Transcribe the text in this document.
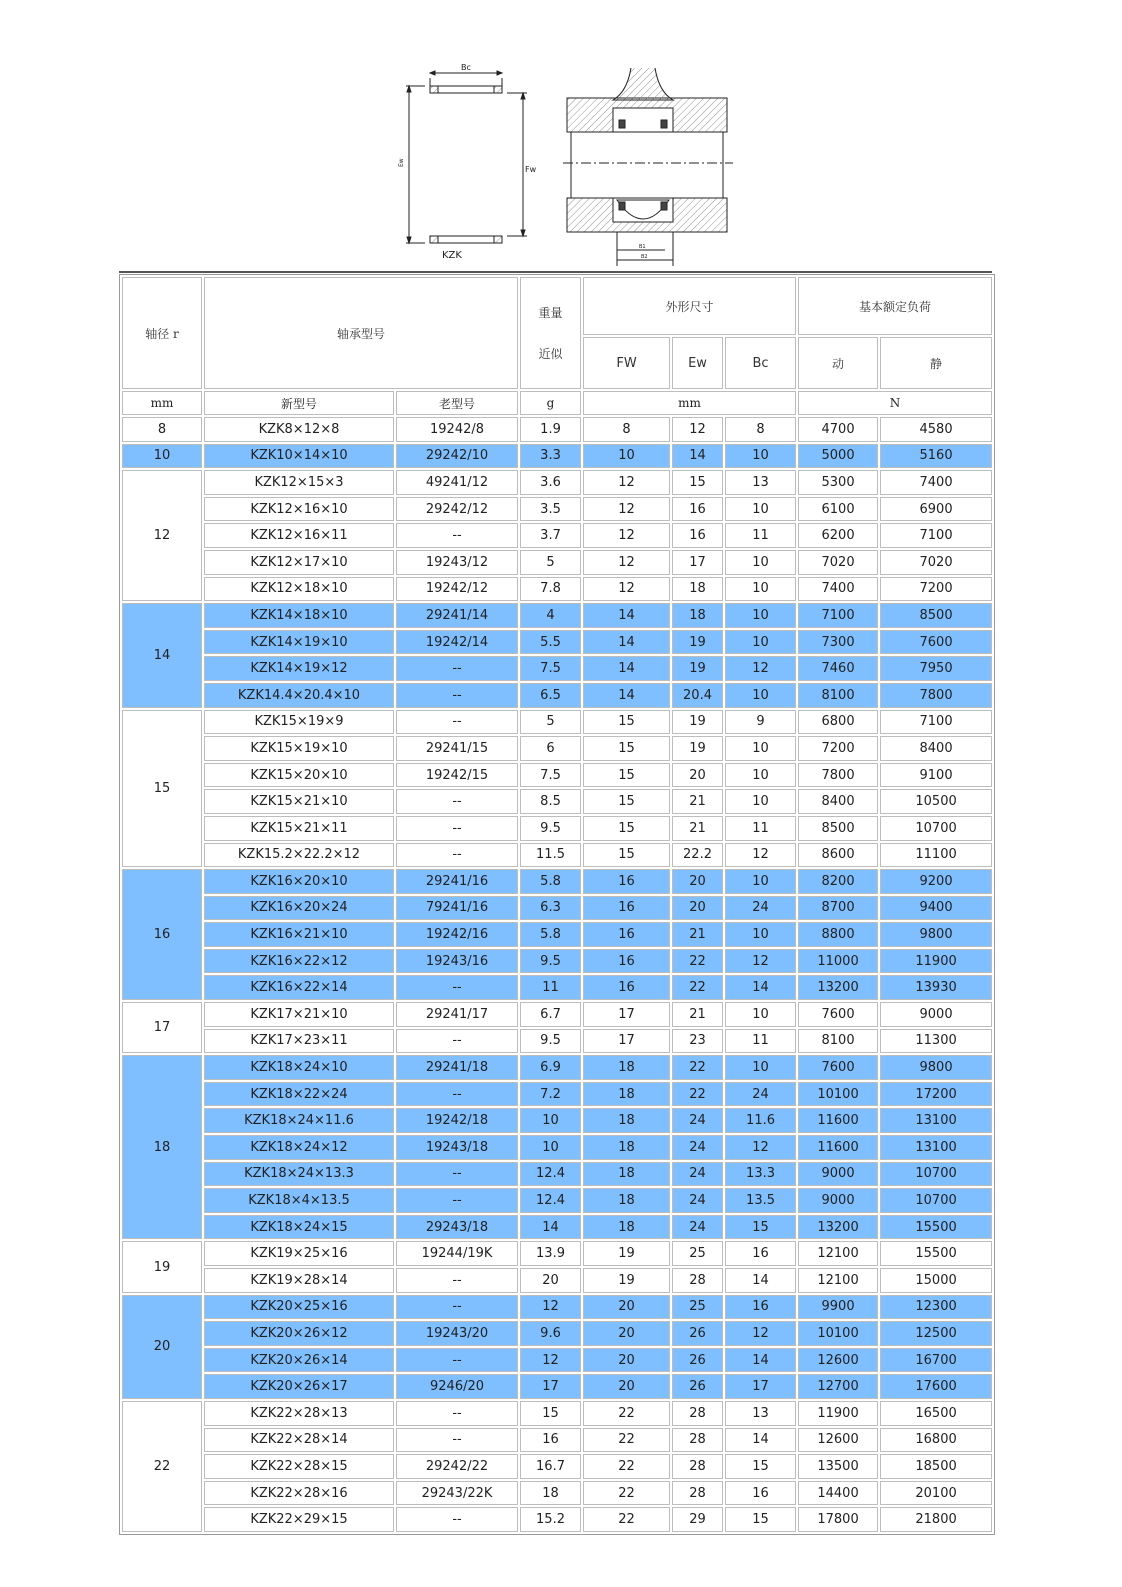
Bc
Ew
Fw
KZK
B1
B2
轴径 r	轴承型号		重量
近似	外形尺寸			基本额定负荷	
				FW	Ew	Bc	动	静
mm	新型号	老型号	g	mm			N	
8	KZK8×12×8	19242/8	1.9	8	12	8	4700	4580
10	KZK10×14×10	29242/10	3.3	10	14	10	5000	5160
12	KZK12×15×3	49241/12	3.6	12	15	13	5300	7400
	KZK12×16×10	29242/12	3.5	12	16	10	6100	6900
	KZK12×16×11	--	3.7	12	16	11	6200	7100
	KZK12×17×10	19243/12	5	12	17	10	7020	7020
	KZK12×18×10	19242/12	7.8	12	18	10	7400	7200
14	KZK14×18×10	29241/14	4	14	18	10	7100	8500
	KZK14×19×10	19242/14	5.5	14	19	10	7300	7600
	KZK14×19×12	--	7.5	14	19	12	7460	7950
	KZK14.4×20.4×10	--	6.5	14	20.4	10	8100	7800
15	KZK15×19×9	--	5	15	19	9	6800	7100
	KZK15×19×10	29241/15	6	15	19	10	7200	8400
	KZK15×20×10	19242/15	7.5	15	20	10	7800	9100
	KZK15×21×10	--	8.5	15	21	10	8400	10500
	KZK15×21×11	--	9.5	15	21	11	8500	10700
	KZK15.2×22.2×12	--	11.5	15	22.2	12	8600	11100
16	KZK16×20×10	29241/16	5.8	16	20	10	8200	9200
	KZK16×20×24	79241/16	6.3	16	20	24	8700	9400
	KZK16×21×10	19242/16	5.8	16	21	10	8800	9800
	KZK16×22×12	19243/16	9.5	16	22	12	11000	11900
	KZK16×22×14	--	11	16	22	14	13200	13930
17	KZK17×21×10	29241/17	6.7	17	21	10	7600	9000
	KZK17×23×11	--	9.5	17	23	11	8100	11300
18	KZK18×24×10	29241/18	6.9	18	22	10	7600	9800
	KZK18×22×24	--	7.2	18	22	24	10100	17200
	KZK18×24×11.6	19242/18	10	18	24	11.6	11600	13100
	KZK18×24×12	19243/18	10	18	24	12	11600	13100
	KZK18×24×13.3	--	12.4	18	24	13.3	9000	10700
	KZK18×4×13.5	--	12.4	18	24	13.5	9000	10700
	KZK18×24×15	29243/18	14	18	24	15	13200	15500
19	KZK19×25×16	19244/19K	13.9	19	25	16	12100	15500
	KZK19×28×14	--	20	19	28	14	12100	15000
20	KZK20×25×16	--	12	20	25	16	9900	12300
	KZK20×26×12	19243/20	9.6	20	26	12	10100	12500
	KZK20×26×14	--	12	20	26	14	12600	16700
	KZK20×26×17	9246/20	17	20	26	17	12700	17600
22	KZK22×28×13	--	15	22	28	13	11900	16500
	KZK22×28×14	--	16	22	28	14	12600	16800
	KZK22×28×15	29242/22	16.7	22	28	15	13500	18500
	KZK22×28×16	29243/22K	18	22	28	16	14400	20100
	KZK22×29×15	--	15.2	22	29	15	17800	21800
